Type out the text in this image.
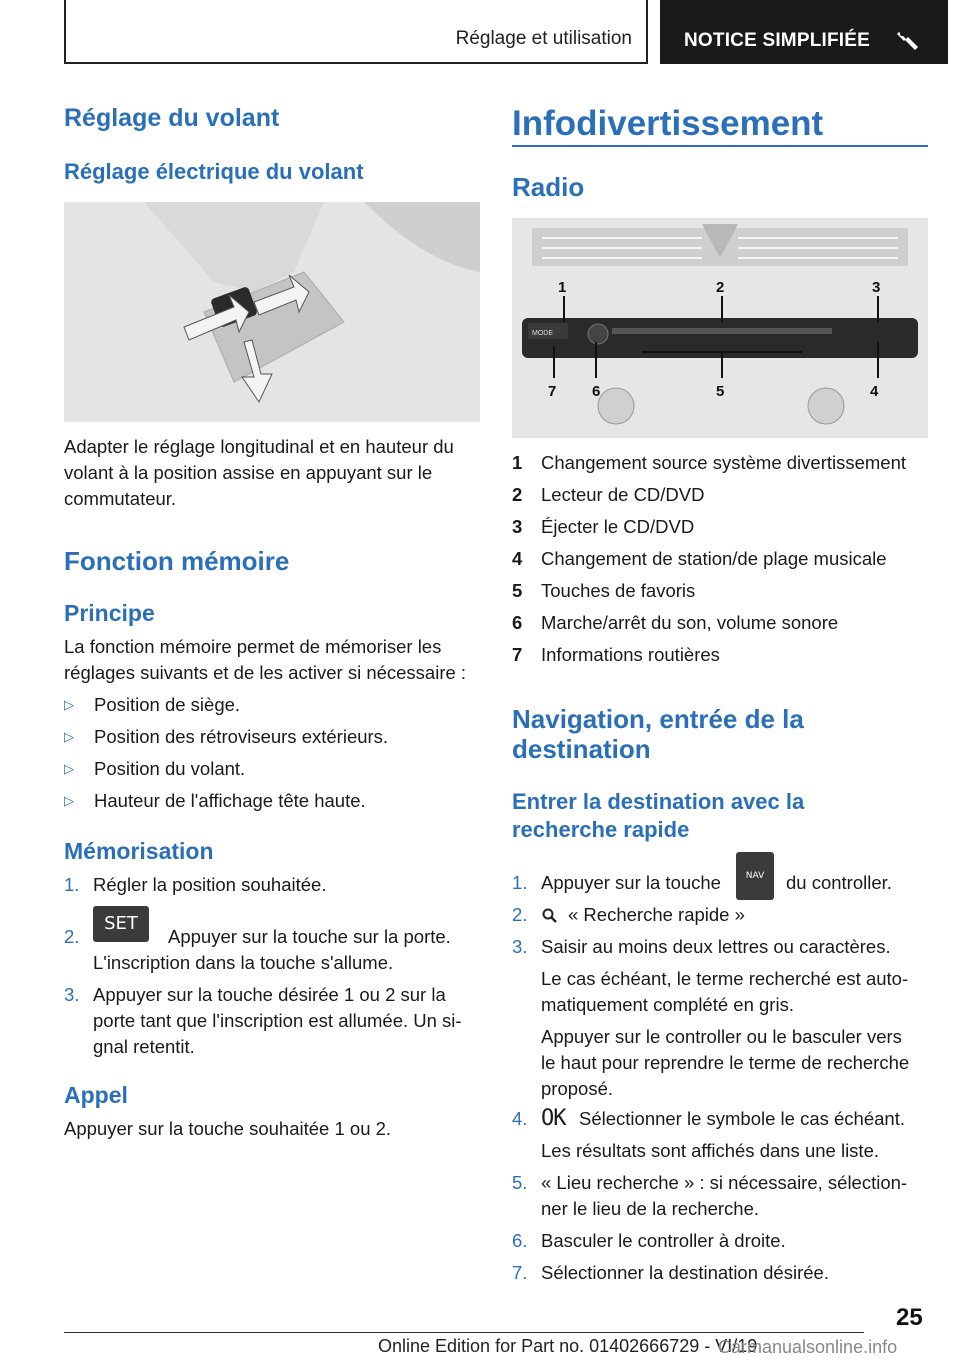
Réglage et utilisation	NOTICE SIMPLIFIÉE
Réglage du volant
Réglage électrique du volant

Adapter le réglage longitudinal et en hauteur du volant à la position assise en appuyant sur le commutateur.

Fonction mémoire
Principe

La fonction mémoire permet de mémoriser les réglages suivants et de les activer si nécessaire :

▷	Position de siège.
▷	Position des rétroviseurs extérieurs.
▷	Position du volant.
▷	Hauteur de l'affichage tête haute.
Mémorisation
1. Régler la position souhaitée.
2.
SET
Appuyer sur la touche sur la porte.
L'inscription dans la touche s'allume.
3. Appuyer sur la touche désirée 1 ou 2 sur la porte tant que l'inscription est allumée. Un si-gnal retentit.
Appel

Appuyer sur la touche souhaitée 1 ou 2.

Infodivertissement
Radio
MODE
1	2	3
4
5
6
7
1 Changement source système divertissement
2 Lecteur de CD/DVD
3 Éjecter le CD/DVD
4 Changement de station/de plage musicale
5 Touches de favoris
6 Marche/arrêt du son, volume sonore
7 Informations routières
Navigation, entrée de la
destination
Entrer la destination avec la
recherche rapide
1. Appuyer sur la touche	NAV	du controller.
2.	« Recherche rapide »
3. Saisir au moins deux lettres ou caractères.
Le cas échéant, le terme recherché est auto-
matiquement complété en gris.
Appuyer sur le controller ou le basculer vers
le haut pour reprendre le terme de recherche
proposé.
4. OK Sélectionner le symbole le cas échéant.
Les résultats sont affichés dans une liste.
5. « Lieu recherche » : si nécessaire, sélection-
ner le lieu de la recherche.
6. Basculer le controller à droite.
7. Sélectionner la destination désirée.
25
Online Edition for Part no. 01402666729 - VI/19
Carmanualsonline.info
